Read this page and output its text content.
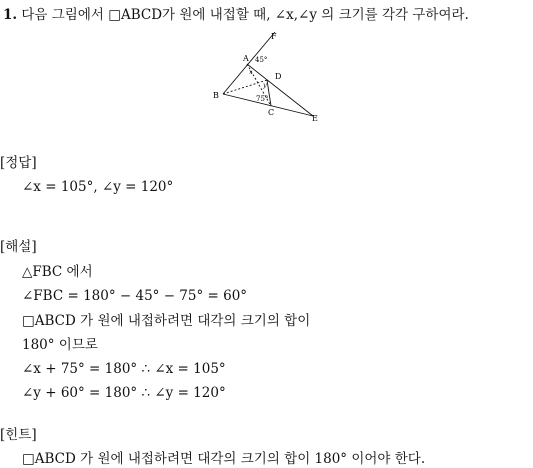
1. 다음 그림에서 □ABCD가 원에 내접할 때, ∠x,∠y 의 크기를 각각 구하여라.
F
A 45°
x	D
y
B	75°
C
E
[정답]
∠x = 105°, ∠y = 120°
[해설]
△FBC 에서
∠FBC = 180° − 45° − 75° = 60°
□ABCD 가 원에 내접하려면 대각의 크기의 합이
180° 이므로
∠x + 75° = 180° ∴ ∠x = 105°
∠y + 60° = 180° ∴ ∠y = 120°
[힌트]
□ABCD 가 원에 내접하려면 대각의 크기의 합이 180° 이어야 한다.
